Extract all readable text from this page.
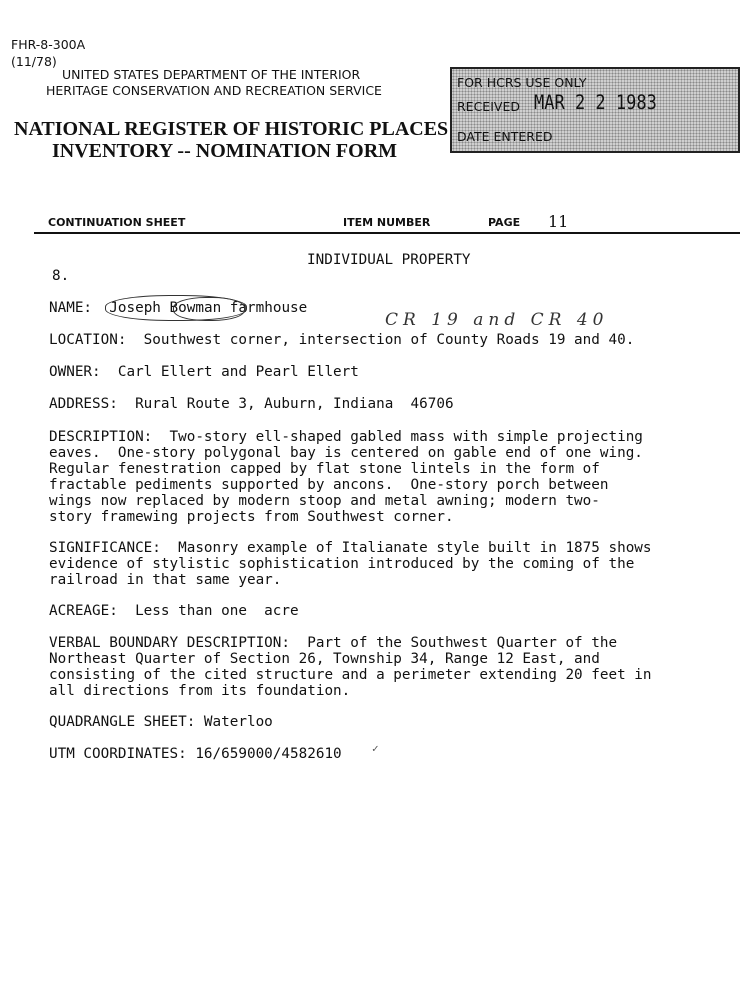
FHR-8-300A
(11/78)
UNITED STATES DEPARTMENT OF THE INTERIOR
HERITAGE CONSERVATION AND RECREATION SERVICE
NATIONAL REGISTER OF HISTORIC PLACES
INVENTORY -- NOMINATION FORM
FOR HCRS USE ONLY
RECEIVED MAR 2 2 1983
DATE ENTERED
CONTINUATION SHEET	ITEM NUMBER	PAGE 11
INDIVIDUAL PROPERTY
8.
NAME: Joseph Bowman farmhouse
CR 19 and CR 40
LOCATION:  Southwest corner, intersection of County Roads 19 and 40.
OWNER:  Carl Ellert and Pearl Ellert
ADDRESS:  Rural Route 3, Auburn, Indiana  46706
DESCRIPTION:  Two-story ell-shaped gabled mass with simple projecting
eaves.  One-story polygonal bay is centered on gable end of one wing.
Regular fenestration capped by flat stone lintels in the form of
fractable pediments supported by ancons.  One-story porch between
wings now replaced by modern stoop and metal awning; modern two-
story framewing projects from Southwest corner.
SIGNIFICANCE:  Masonry example of Italianate style built in 1875 shows
evidence of stylistic sophistication introduced by the coming of the
railroad in that same year.
ACREAGE:  Less than one  acre
VERBAL BOUNDARY DESCRIPTION:  Part of the Southwest Quarter of the
Northeast Quarter of Section 26, Township 34, Range 12 East, and
consisting of the cited structure and a perimeter extending 20 feet in
all directions from its foundation.
QUADRANGLE SHEET: Waterloo
UTM COORDINATES: 16/659000/4582610	✓
